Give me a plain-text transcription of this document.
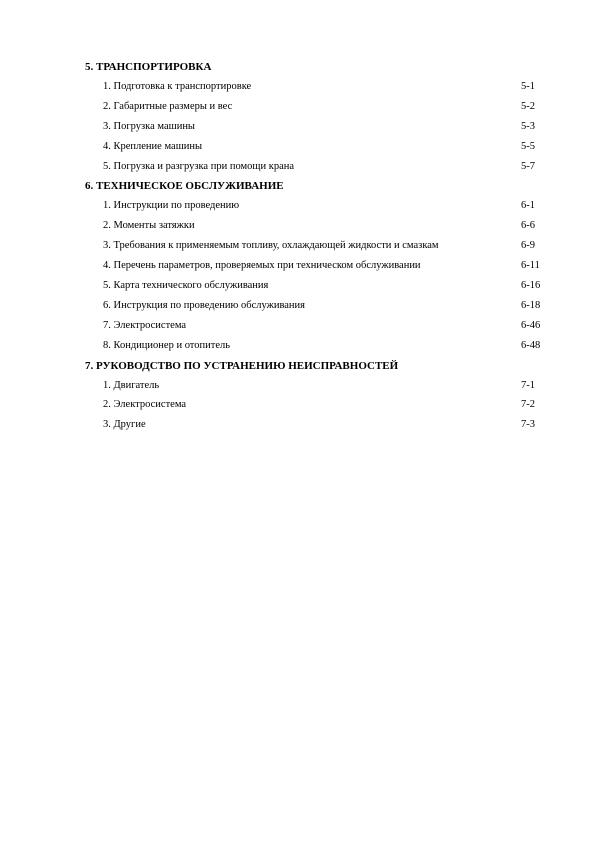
5. ТРАНСПОРТИРОВКА
1. Подготовка к транспортировке	5-1
2. Габаритные размеры и вес	5-2
3. Погрузка машины	5-3
4. Крепление машины	5-5
5. Погрузка и разгрузка при помощи крана	5-7
6. ТЕХНИЧЕСКОЕ ОБСЛУЖИВАНИЕ
1. Инструкции по проведению	6-1
2. Моменты затяжки	6-6
3. Требования к применяемым топливу, охлаждающей жидкости и смазкам	6-9
4. Перечень параметров, проверяемых при техническом обслуживании	6-11
5. Карта технического обслуживания	6-16
6. Инструкция по проведению обслуживания	6-18
7. Электросистема	6-46
8. Кондиционер и отопитель	6-48
7. РУКОВОДСТВО ПО УСТРАНЕНИЮ НЕИСПРАВНОСТЕЙ
1. Двигатель	7-1
2. Электросистема	7-2
3. Другие	7-3
